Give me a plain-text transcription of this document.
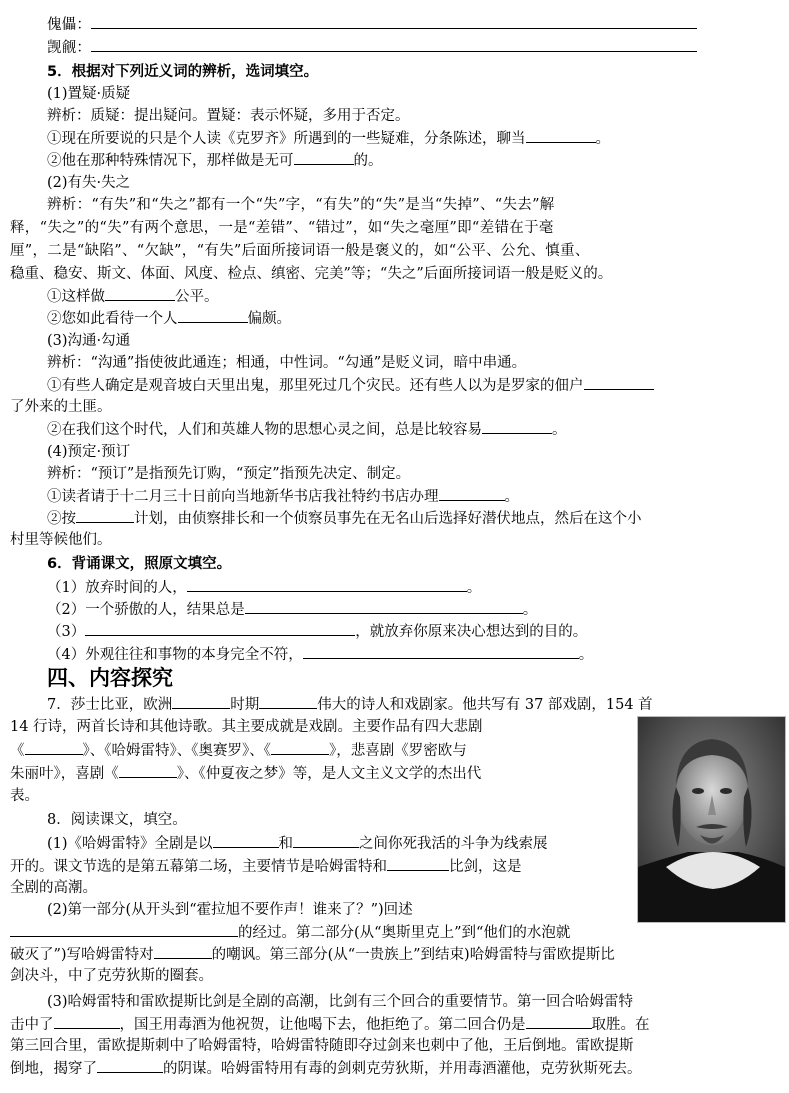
傀儡：
觊觎：
5．根据对下列近义词的辨析，选词填空。
(1)置疑·质疑
辨析：质疑：提出疑问。置疑：表示怀疑，多用于否定。
①现在所要说的只是个人读《克罗齐》所遇到的一些疑难，分条陈述，聊当	。
②他在那种特殊情况下，那样做是无可	的。
(2)有失·失之
辨析：“有失”和“失之”都有一个“失”字，“有失”的“失”是当“失掉”、“失去”解
释，“失之”的“失”有两个意思，一是“差错”、“错过”，如“失之毫厘”即“差错在于毫
厘”，二是“缺陷”、“欠缺”，“有失”后面所接词语一般是褒义的，如“公平、公允、慎重、
稳重、稳安、斯文、体面、风度、检点、缜密、完美”等；“失之”后面所接词语一般是贬义的。
①这样做	公平。
②您如此看待一个人	偏颇。
(3)沟通·勾通
辨析：“沟通”指使彼此通连；相通，中性词。“勾通”是贬义词，暗中串通。
①有些人确定是观音坡白天里出鬼，那里死过几个灾民。还有些人以为是罗家的佃户
了外来的土匪。
②在我们这个时代，人们和英雄人物的思想心灵之间，总是比较容易	。
(4)预定·预订
辨析：“预订”是指预先订购，“预定”指预先决定、制定。
①读者请于十二月三十日前向当地新华书店我社特约书店办理	。
②按	计划，由侦察排长和一个侦察员事先在无名山后选择好潜伏地点，然后在这个小
村里等候他们。
6．背诵课文，照原文填空。
（1）放弃时间的人，	。
（2）一个骄傲的人，结果总是	。
（3）	，就放弃你原来决心想达到的目的。
（4）外观往往和事物的本身完全不符，	。
四、内容探究
7．莎士比亚，欧洲	时期	伟大的诗人和戏剧家。他共写有 37 部戏剧，154 首
14 行诗，两首长诗和其他诗歌。其主要成就是戏剧。主要作品有四大悲剧
《	》、《哈姆雷特》、《奥赛罗》、《	》，悲喜剧《罗密欧与
朱丽叶》，喜剧《	》、《仲夏夜之梦》等，是人文主义文学的杰出代
表。
8．阅读课文，填空。
(1)《哈姆雷特》全剧是以	和	之间你死我活的斗争为线索展
开的。课文节选的是第五幕第二场，主要情节是哈姆雷特和	比剑，这是
全剧的高潮。
(2)第一部分(从开头到“霍拉旭不要作声！谁来了？”)回述
的经过。第二部分(从“奥斯里克上”到“他们的水泡就
破灭了”)写哈姆雷特对	的嘲讽。第三部分(从“一贵族上”到结束)哈姆雷特与雷欧提斯比
剑决斗，中了克劳狄斯的圈套。
(3)哈姆雷特和雷欧提斯比剑是全剧的高潮，比剑有三个回合的重要情节。第一回合哈姆雷特
击中了	，国王用毒酒为他祝贺，让他喝下去，他拒绝了。第二回合仍是	取胜。在
第三回合里，雷欧提斯刺中了哈姆雷特，哈姆雷特随即夺过剑来也刺中了他，王后倒地。雷欧提斯
倒地，揭穿了	的阴谋。哈姆雷特用有毒的剑刺克劳狄斯，并用毒酒灌他，克劳狄斯死去。
